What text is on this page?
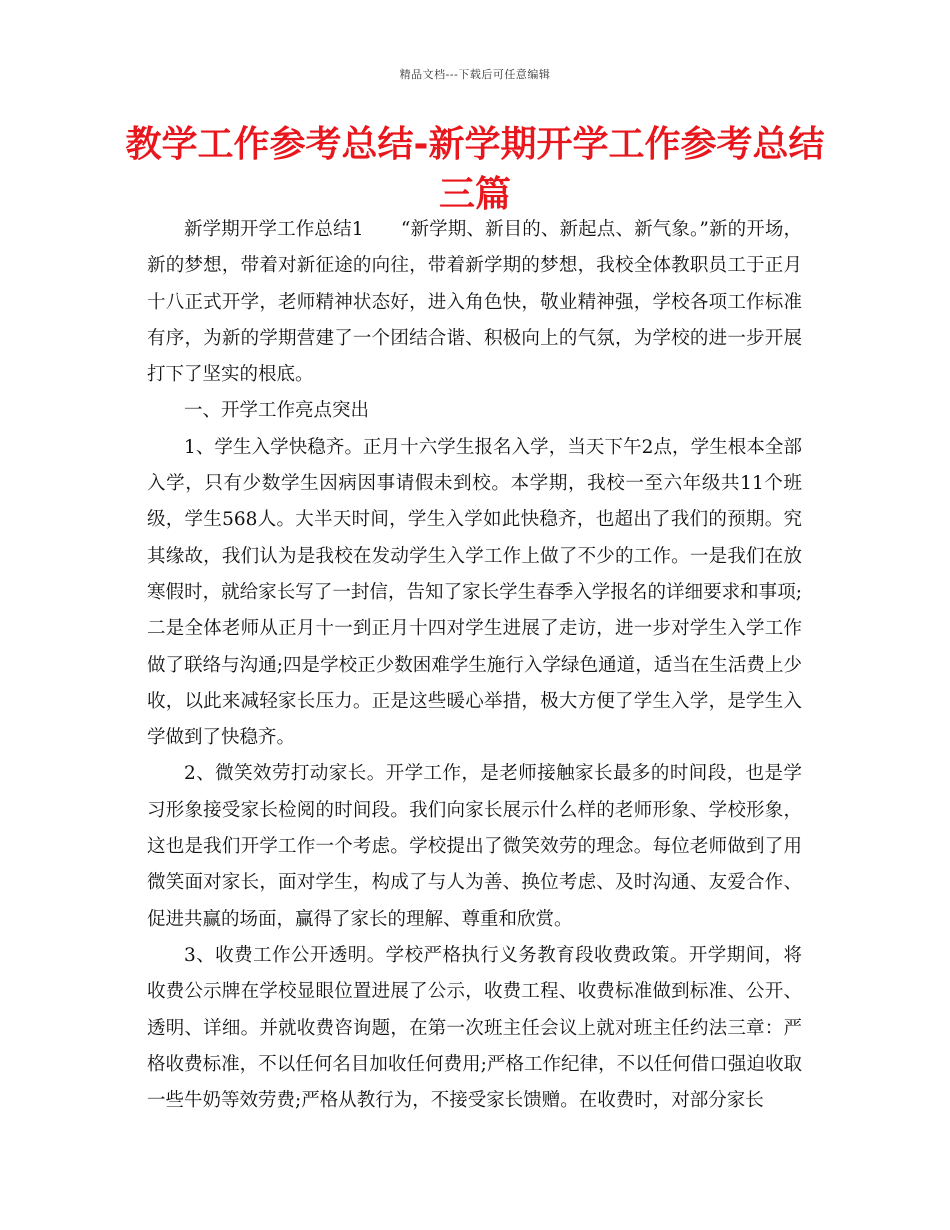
精品文档---下载后可任意编辑
教学工作参考总结-新学期开学工作参考总结三篇

新学期开学工作总结1　　“新学期、新目的、新起点、新气象。”新的开场，新的梦想，带着对新征途的向往，带着新学期的梦想，我校全体教职员工于正月十八正式开学，老师精神状态好，进入角色快，敬业精神强，学校各项工作标准有序，为新的学期营建了一个团结合谐、积极向上的气氛，为学校的进一步开展打下了坚实的根底。

一、开学工作亮点突出

1、学生入学快稳齐。正月十六学生报名入学，当天下午2点，学生根本全部入学，只有少数学生因病因事请假未到校。本学期，我校一至六年级共11个班级，学生568人。大半天时间，学生入学如此快稳齐，也超出了我们的预期。究其缘故，我们认为是我校在发动学生入学工作上做了不少的工作。一是我们在放寒假时，就给家长写了一封信，告知了家长学生春季入学报名的详细要求和事项;二是全体老师从正月十一到正月十四对学生进展了走访，进一步对学生入学工作做了联络与沟通;四是学校正少数困难学生施行入学绿色通道，适当在生活费上少收，以此来减轻家长压力。正是这些暖心举措，极大方便了学生入学，是学生入学做到了快稳齐。

2、微笑效劳打动家长。开学工作，是老师接触家长最多的时间段，也是学习形象接受家长检阅的时间段。我们向家长展示什么样的老师形象、学校形象，这也是我们开学工作一个考虑。学校提出了微笑效劳的理念。每位老师做到了用微笑面对家长，面对学生，构成了与人为善、换位考虑、及时沟通、友爱合作、促进共赢的场面，赢得了家长的理解、尊重和欣赏。

3、收费工作公开透明。学校严格执行义务教育段收费政策。开学期间，将收费公示牌在学校显眼位置进展了公示，收费工程、收费标准做到标准、公开、透明、详细。并就收费咨询题，在第一次班主任会议上就对班主任约法三章：严格收费标准，不以任何名目加收任何费用;严格工作纪律，不以任何借口强迫收取一些牛奶等效劳费;严格从教行为，不接受家长馈赠。在收费时，对部分家长
